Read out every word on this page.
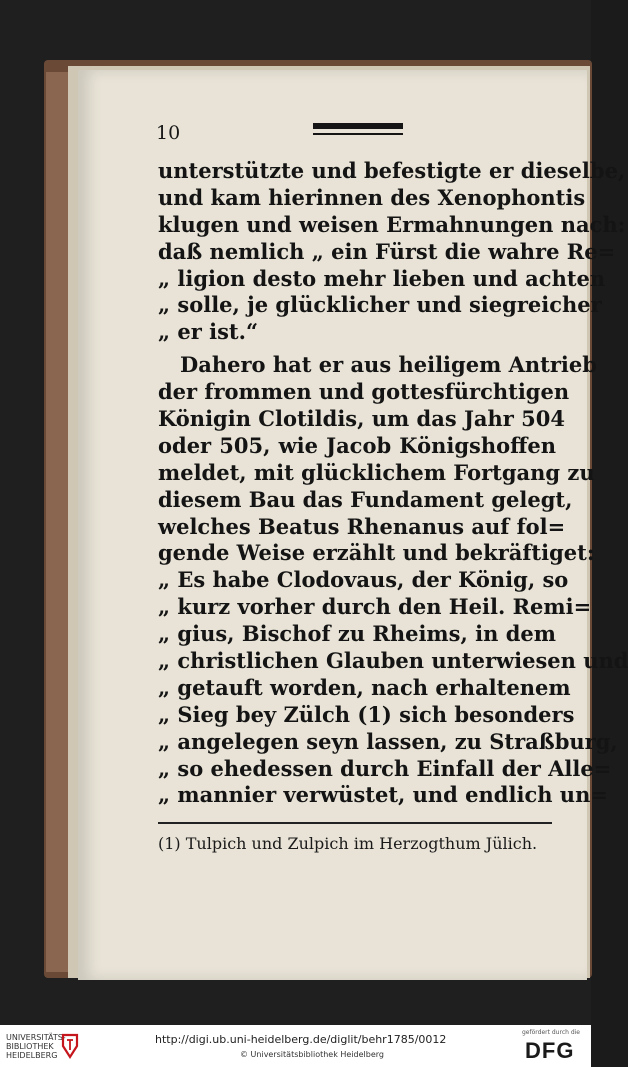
10
unterstützte und befestigte er dieselbe,
und kam hierinnen des Xenophontis
klugen und weisen Ermahnungen nach:
daß nemlich „ ein Fürst die wahre Re=
„ ligion desto mehr lieben und achten
„ solle, je glücklicher und siegreicher
„ er ist.“
Dahero hat er aus heiligem Antrieb
der frommen und gottesfürchtigen
Königin Clotildis, um das Jahr 504
oder 505, wie Jacob Königshoffen
meldet, mit glücklichem Fortgang zu
diesem Bau das Fundament gelegt,
welches Beatus Rhenanus auf fol=
gende Weise erzählt und bekräftiget:
„ Es habe Clodovaus, der König, so
„ kurz vorher durch den Heil. Remi=
„ gius, Bischof zu Rheims, in dem
„ christlichen Glauben unterwiesen und
„ getauft worden, nach erhaltenem
„ Sieg bey Zülch (1) sich besonders
„ angelegen seyn lassen, zu Straßburg,
„ so ehedessen durch Einfall der Alle=
„ mannier verwüstet, und endlich un=
(1) Tulpich und Zulpich im Herzogthum Jülich.
UNIVERSITÄTS-
BIBLIOTHEK
HEIDELBERG
http://digi.ub.uni-heidelberg.de/diglit/behr1785/0012
© Universitätsbibliothek Heidelberg
gefördert durch die
DFG
